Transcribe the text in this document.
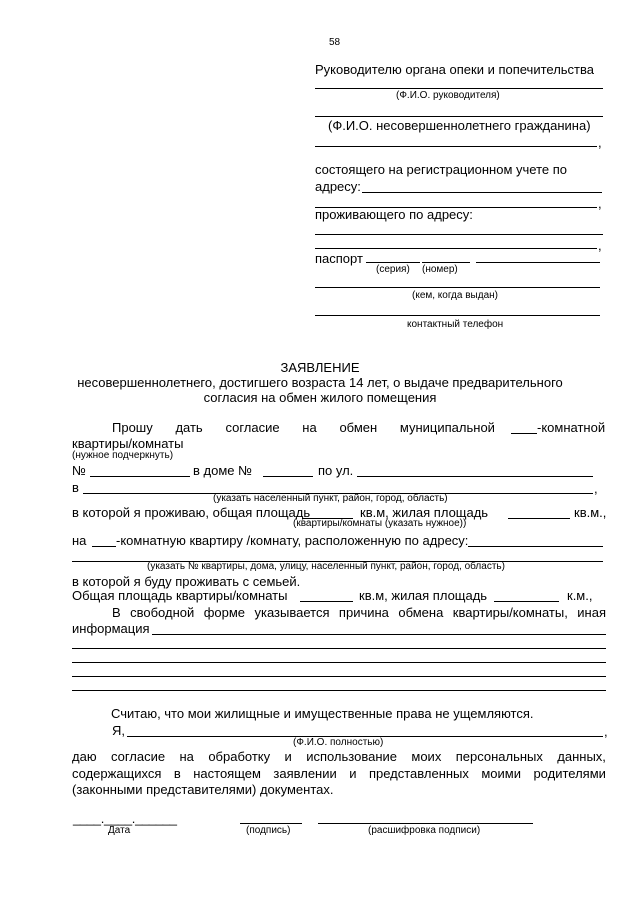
58
Руководителю органа опеки и попечительства
(Ф.И.О. руководителя)
(Ф.И.О. несовершеннолетнего гражданина)
,
состоящего на регистрационном учете по
адресу:
,
проживающего по адресу:
,
паспорт
(серия) (номер)
(кем, когда выдан)
контактный телефон
ЗАЯВЛЕНИЕ
несовершеннолетнего, достигшего возраста 14 лет, о выдаче предварительного
согласия на обмен жилого помещения
Прошу дать согласие на обмен муниципальной	-комнатной
квартиры/комнаты
(нужное подчеркнуть)
№	в доме №	по ул.
в	,
(указать населенный пункт, район, город, область)
в которой я проживаю, общая площадь	кв.м, жилая площадь	кв.м.,
(квартиры/комнаты (указать нужное))
на -комнатную квартиру /комнату, расположенную по адресу:
(указать № квартиры, дома, улицу, населенный пункт, район, город, область)
в которой я буду проживать с семьей.
Общая площадь квартиры/комнаты	кв.м, жилая площадь	к.м.,
В свободной форме указывается причина обмена квартиры/комнаты, иная
информация
Считаю, что мои жилищные и имущественные права не ущемляются.
Я,	,
(Ф.И.О. полностью)
даю согласие на обработку и использование моих персональных данных,
содержащихся в настоящем заявлении и представленных моими родителями
(законными представителями) документах.
____.____.______
Дата	(подпись)	(расшифровка подписи)
